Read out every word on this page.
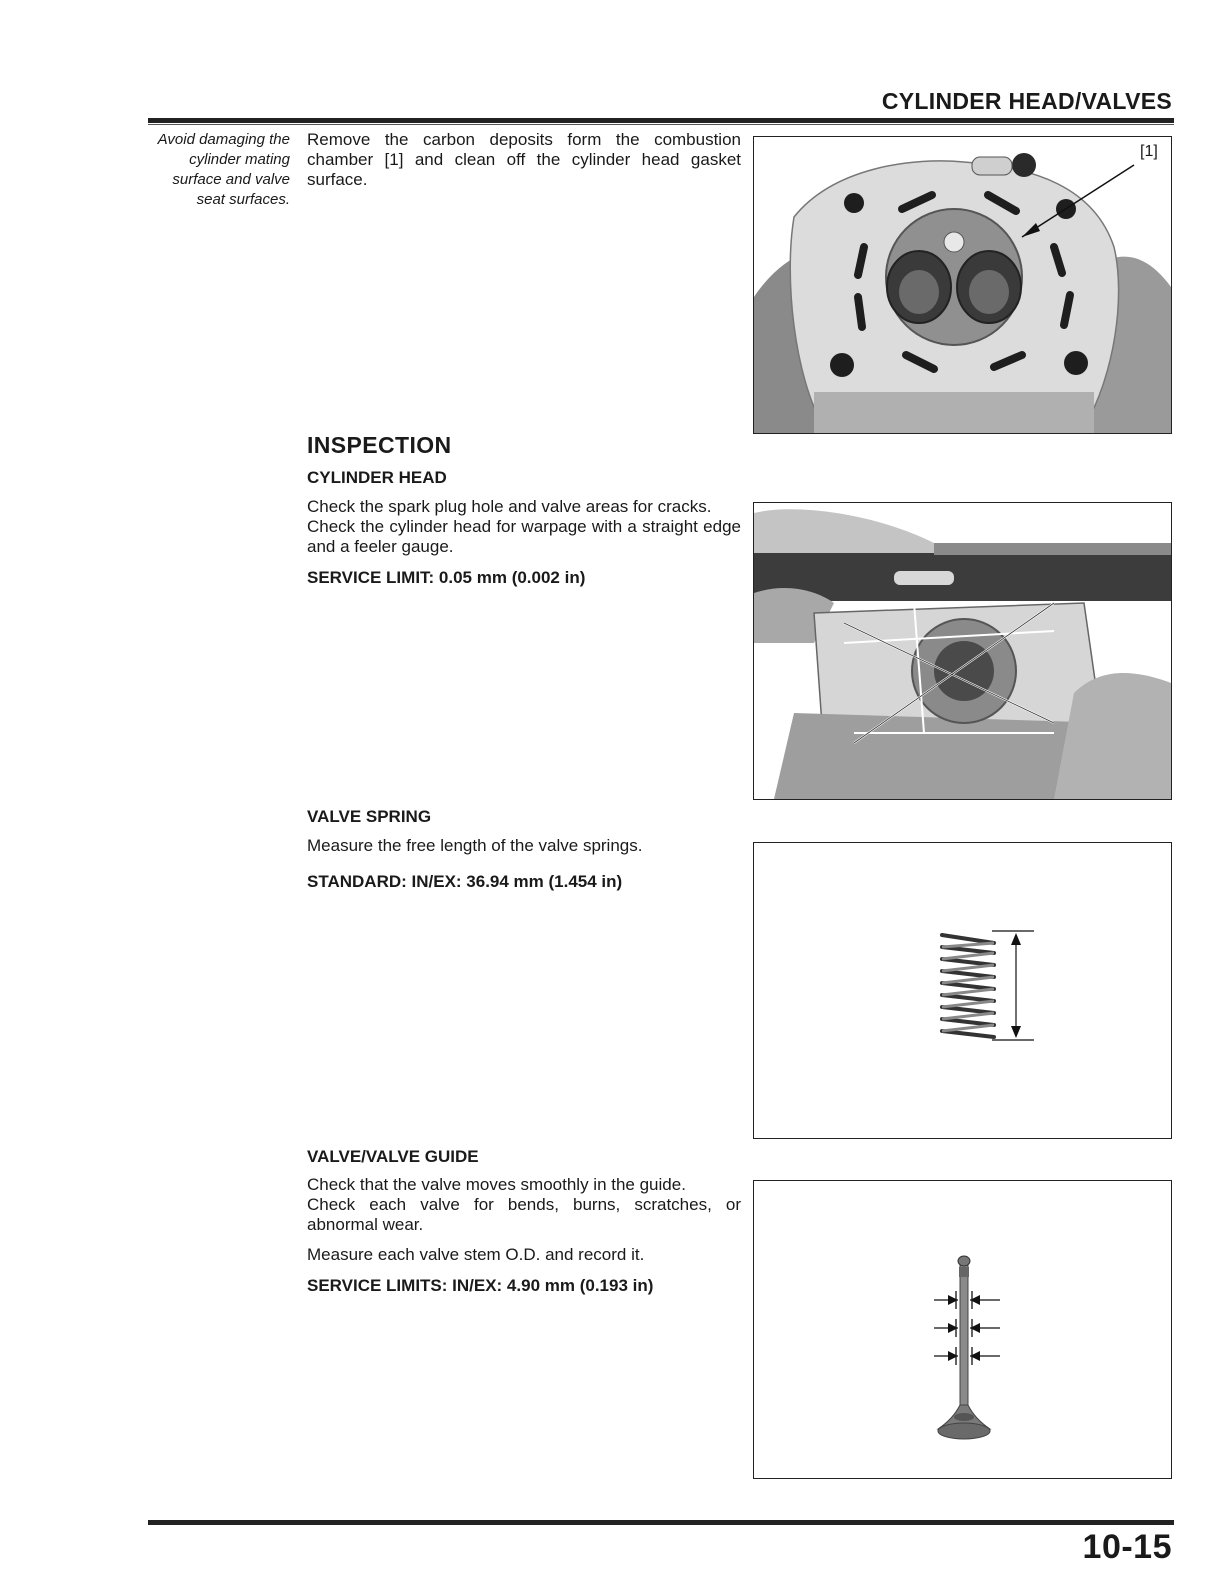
CYLINDER HEAD/VALVES
Avoid damaging the
cylinder mating
surface and valve
seat surfaces.
Remove the carbon deposits form the combustion chamber [1] and clean off the cylinder head gasket surface.
[1]
INSPECTION
CYLINDER HEAD
Check the spark plug hole and valve areas for cracks.
Check the cylinder head for warpage with a straight edge and a feeler gauge.
SERVICE LIMIT: 0.05 mm (0.002 in)
VALVE SPRING
Measure the free length of the valve springs.
STANDARD: IN/EX: 36.94 mm (1.454 in)
VALVE/VALVE GUIDE
Check that the valve moves smoothly in the guide.
Check each valve for bends, burns, scratches, or abnormal wear.
Measure each valve stem O.D. and record it.
SERVICE LIMITS: IN/EX: 4.90 mm (0.193 in)
10-15
